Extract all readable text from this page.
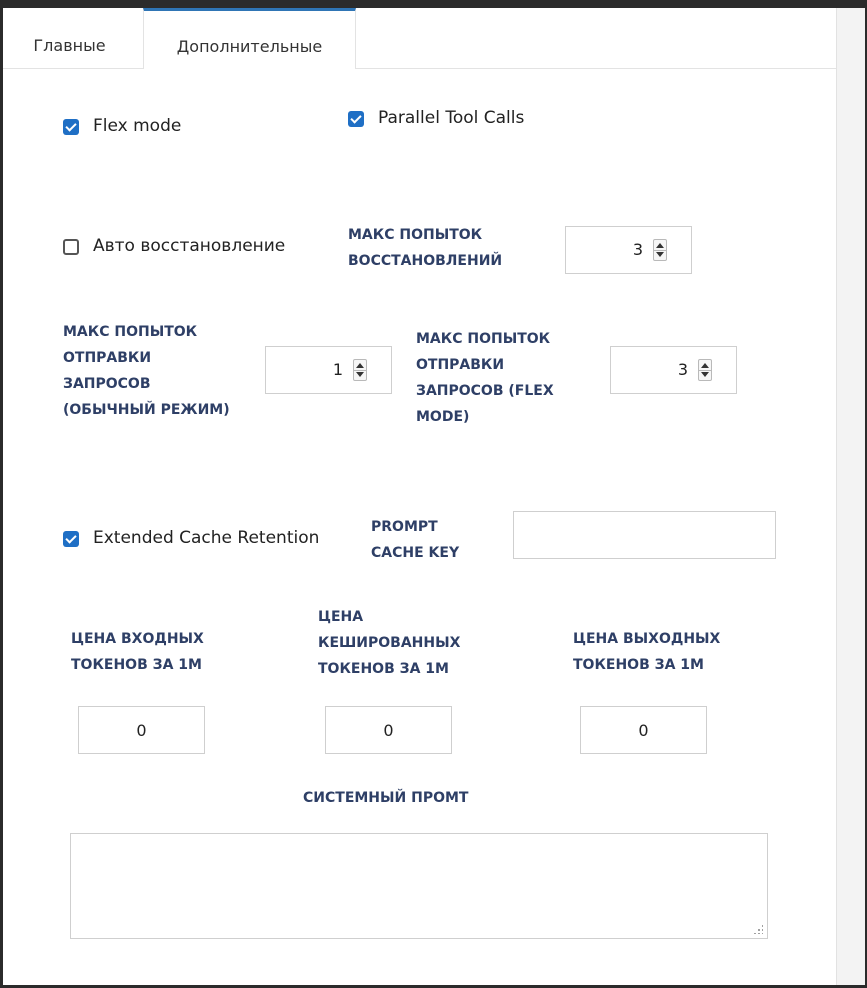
Главные	Дополнительные
Flex mode	Parallel Tool Calls
Авто восстановление
МАКС ПОПЫТОК
ВОССТАНОВЛЕНИЙ
3
МАКС ПОПЫТОК
ОТПРАВКИ
ЗАПРОСОВ
(ОБЫЧНЫЙ РЕЖИМ)
1
МАКС ПОПЫТОК
ОТПРАВКИ
ЗАПРОСОВ (FLEX
MODE)
3
Extended Cache Retention
PROMPT
CACHE KEY
ЦЕНА ВХОДНЫХ
ТОКЕНОВ ЗА 1М
ЦЕНА
КЕШИРОВАННЫХ
ТОКЕНОВ ЗА 1М
ЦЕНА ВЫХОДНЫХ
ТОКЕНОВ ЗА 1М
0	0	0
СИСТЕМНЫЙ ПРОМТ
